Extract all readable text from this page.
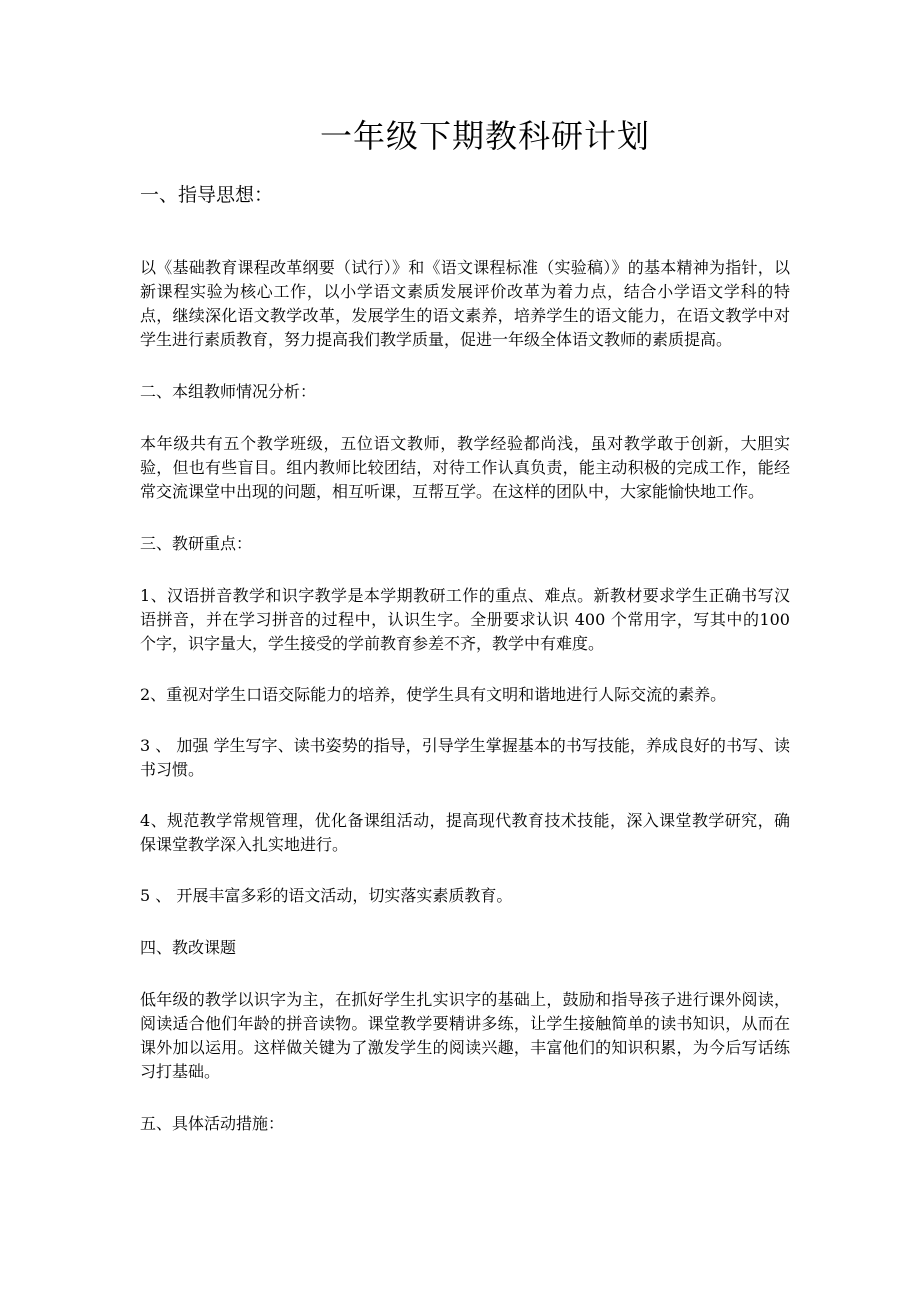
一年级下期教科研计划
一、指导思想：
以《基础教育课程改革纲要（试行）》和《语文课程标准（实验稿）》的基本精神为指针，以新课程实验为核心工作，以小学语文素质发展评价改革为着力点，结合小学语文学科的特点，继续深化语文教学改革，发展学生的语文素养，培养学生的语文能力，在语文教学中对学生进行素质教育，努力提高我们教学质量，促进一年级全体语文教师的素质提高。
二、本组教师情况分析：
本年级共有五个教学班级，五位语文教师，教学经验都尚浅，虽对教学敢于创新，大胆实验，但也有些盲目。组内教师比较团结，对待工作认真负责，能主动积极的完成工作，能经常交流课堂中出现的问题，相互听课，互帮互学。在这样的团队中，大家能愉快地工作。
三、教研重点：
1、汉语拼音教学和识字教学是本学期教研工作的重点、难点。新教材要求学生正确书写汉语拼音，并在学习拼音的过程中，认识生字。全册要求认识 400 个常用字，写其中的100 个字，识字量大，学生接受的学前教育参差不齐，教学中有难度。
2、重视对学生口语交际能力的培养，使学生具有文明和谐地进行人际交流的素养。
3 、 加强 学生写字、读书姿势的指导，引导学生掌握基本的书写技能，养成良好的书写、读书习惯。
4、规范教学常规管理，优化备课组活动，提高现代教育技术技能，深入课堂教学研究，确保课堂教学深入扎实地进行。
5 、 开展丰富多彩的语文活动，切实落实素质教育。
四、教改课题
低年级的教学以识字为主，在抓好学生扎实识字的基础上，鼓励和指导孩子进行课外阅读，阅读适合他们年龄的拼音读物。课堂教学要精讲多练，让学生接触简单的读书知识，从而在课外加以运用。这样做关键为了激发学生的阅读兴趣，丰富他们的知识积累，为今后写话练习打基础。
五、具体活动措施：
